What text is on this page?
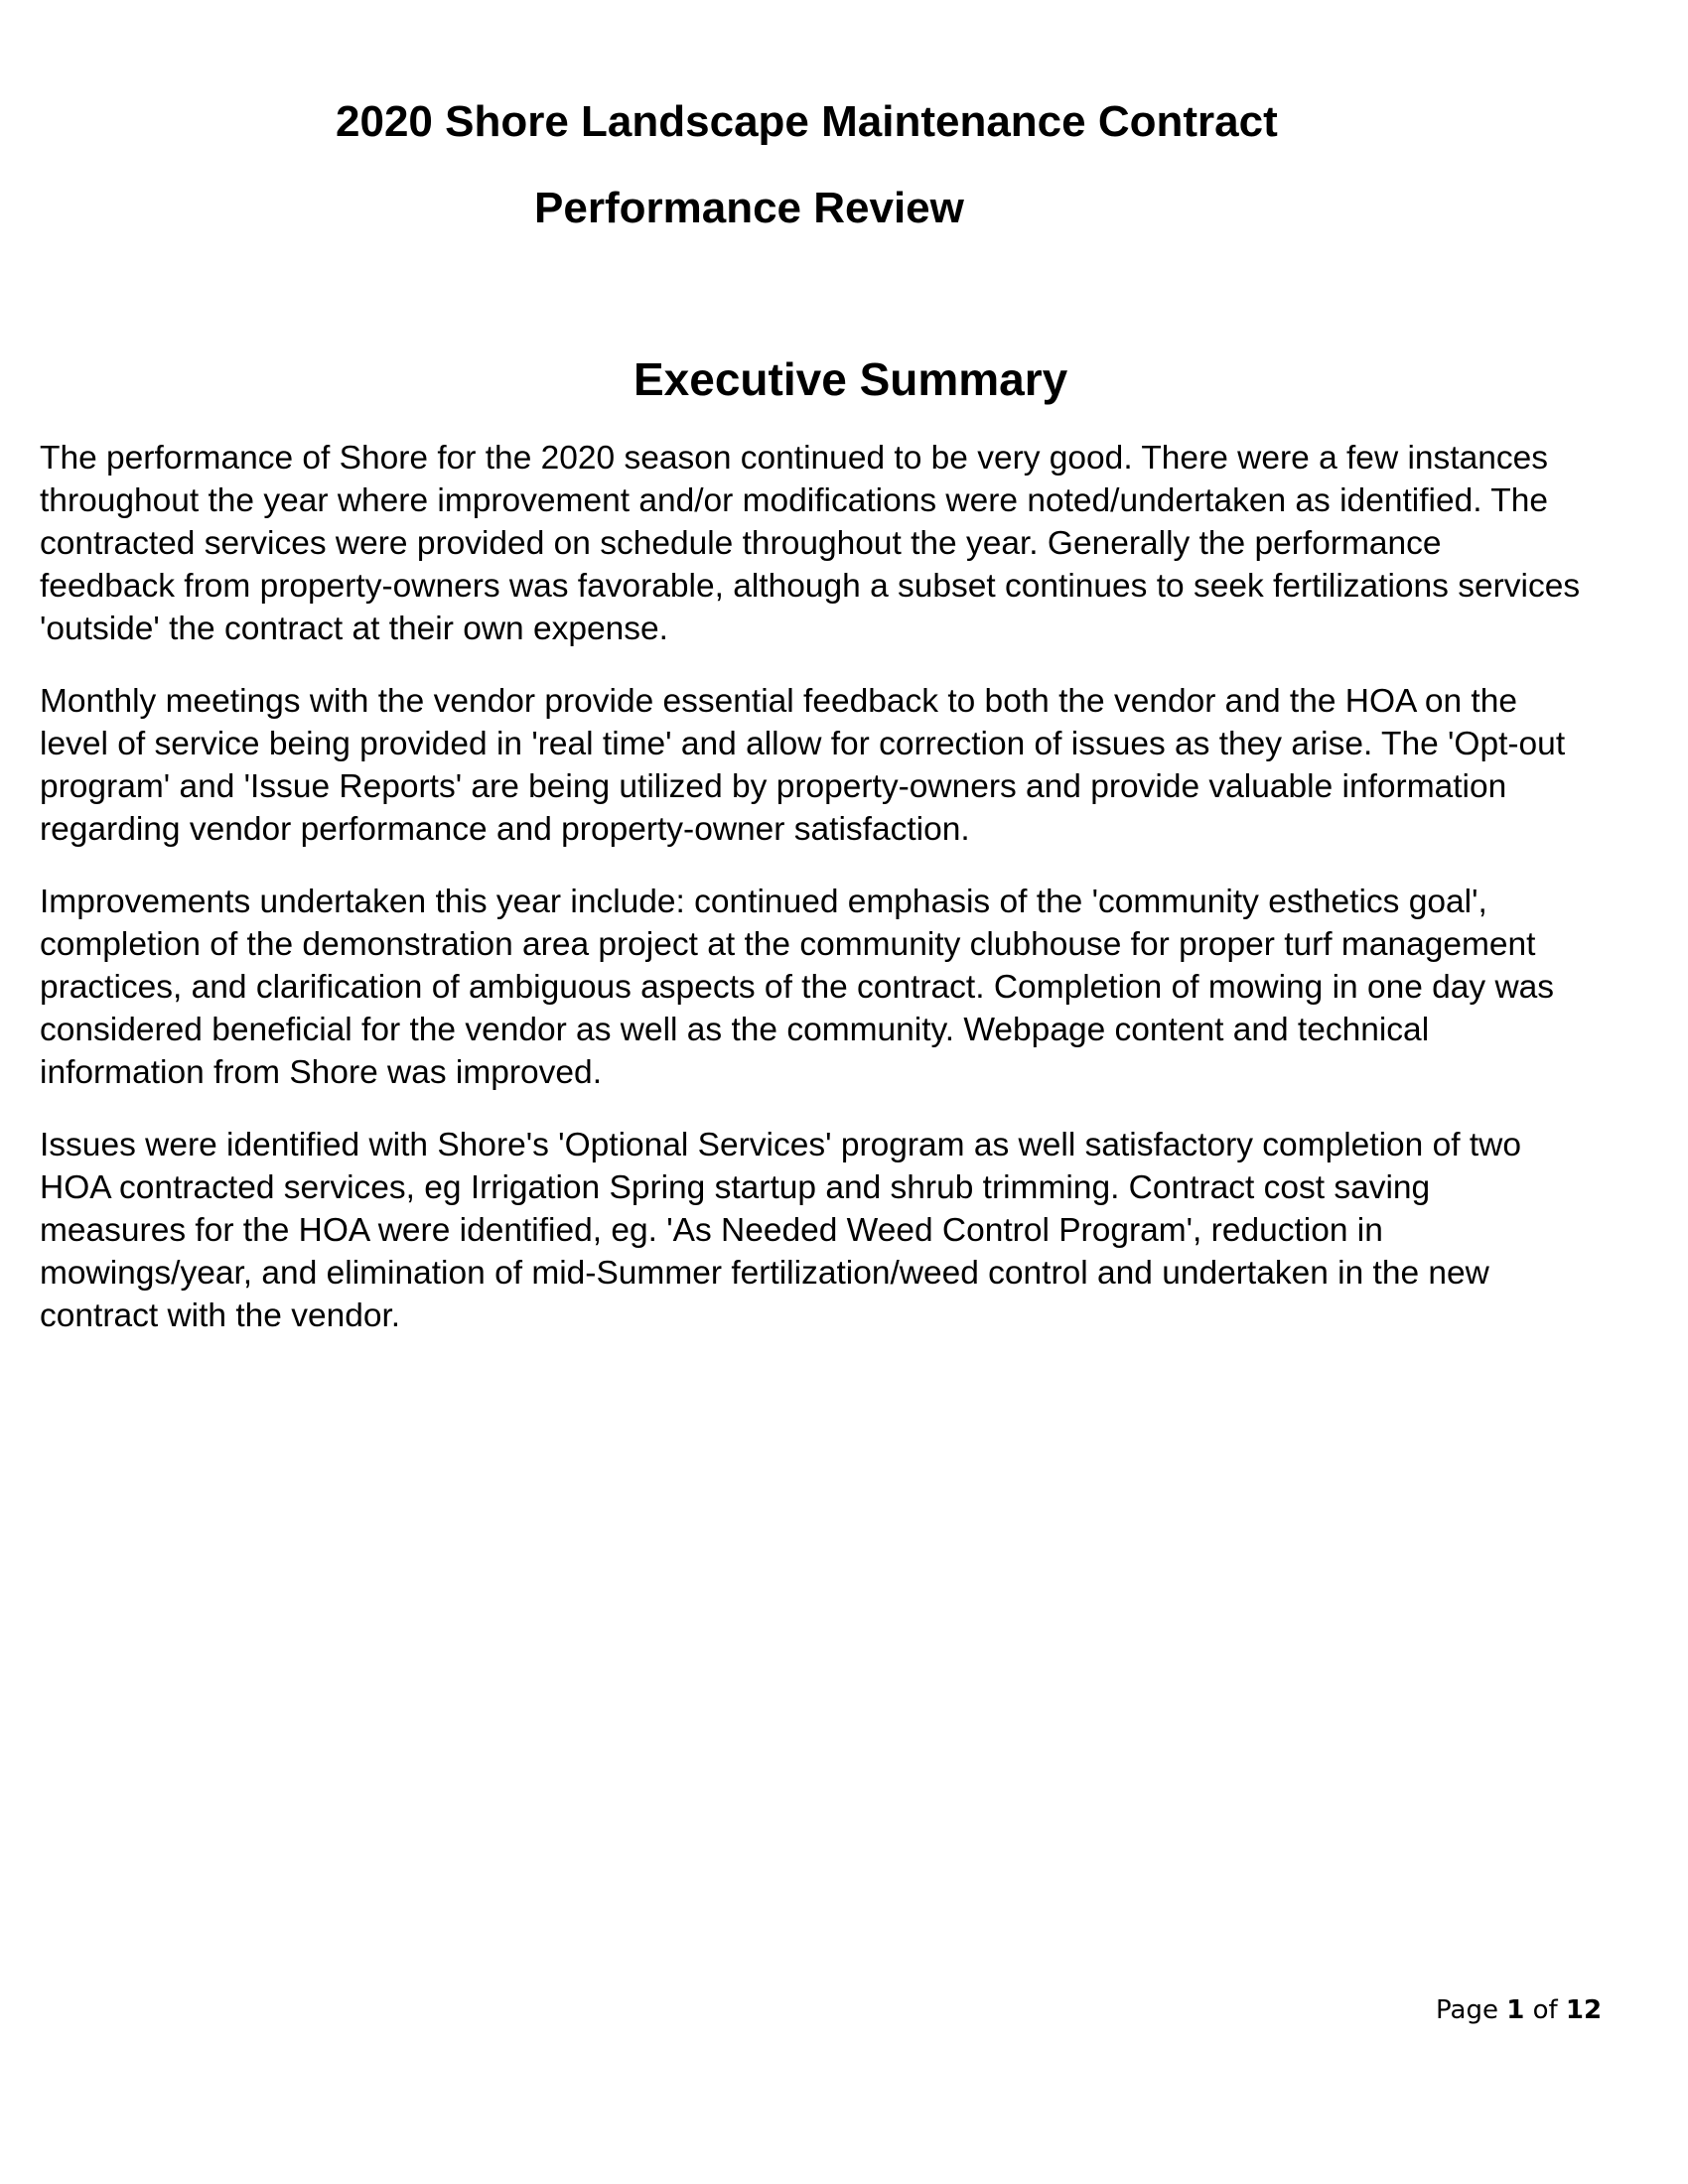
2020 Shore Landscape Maintenance Contract
Performance Review
Executive Summary

The performance of Shore for the 2020 season continued to be very good. There were a few instances
throughout the year where improvement and/or modifications were noted/undertaken as identified. The
contracted services were provided on schedule throughout the year. Generally the performance
feedback from property-owners was favorable, although a subset continues to seek fertilizations services
'outside' the contract at their own expense.

Monthly meetings with the vendor provide essential feedback to both the vendor and the HOA on the
level of service being provided in 'real time' and allow for correction of issues as they arise. The 'Opt-out
program' and 'Issue Reports' are being utilized by property-owners and provide valuable information
regarding vendor performance and property-owner satisfaction.

Improvements undertaken this year include: continued emphasis of the 'community esthetics goal',
completion of the demonstration area project at the community clubhouse for proper turf management
practices, and clarification of ambiguous aspects of the contract. Completion of mowing in one day was
considered beneficial for the vendor as well as the community. Webpage content and technical
information from Shore was improved.

Issues were identified with Shore's 'Optional Services' program as well satisfactory completion of two
HOA contracted services, eg Irrigation Spring startup and shrub trimming. Contract cost saving
measures for the HOA were identified, eg. 'As Needed Weed Control Program', reduction in
mowings/year, and elimination of mid-Summer fertilization/weed control and undertaken in the new
contract with the vendor.

Page 1 of 12
